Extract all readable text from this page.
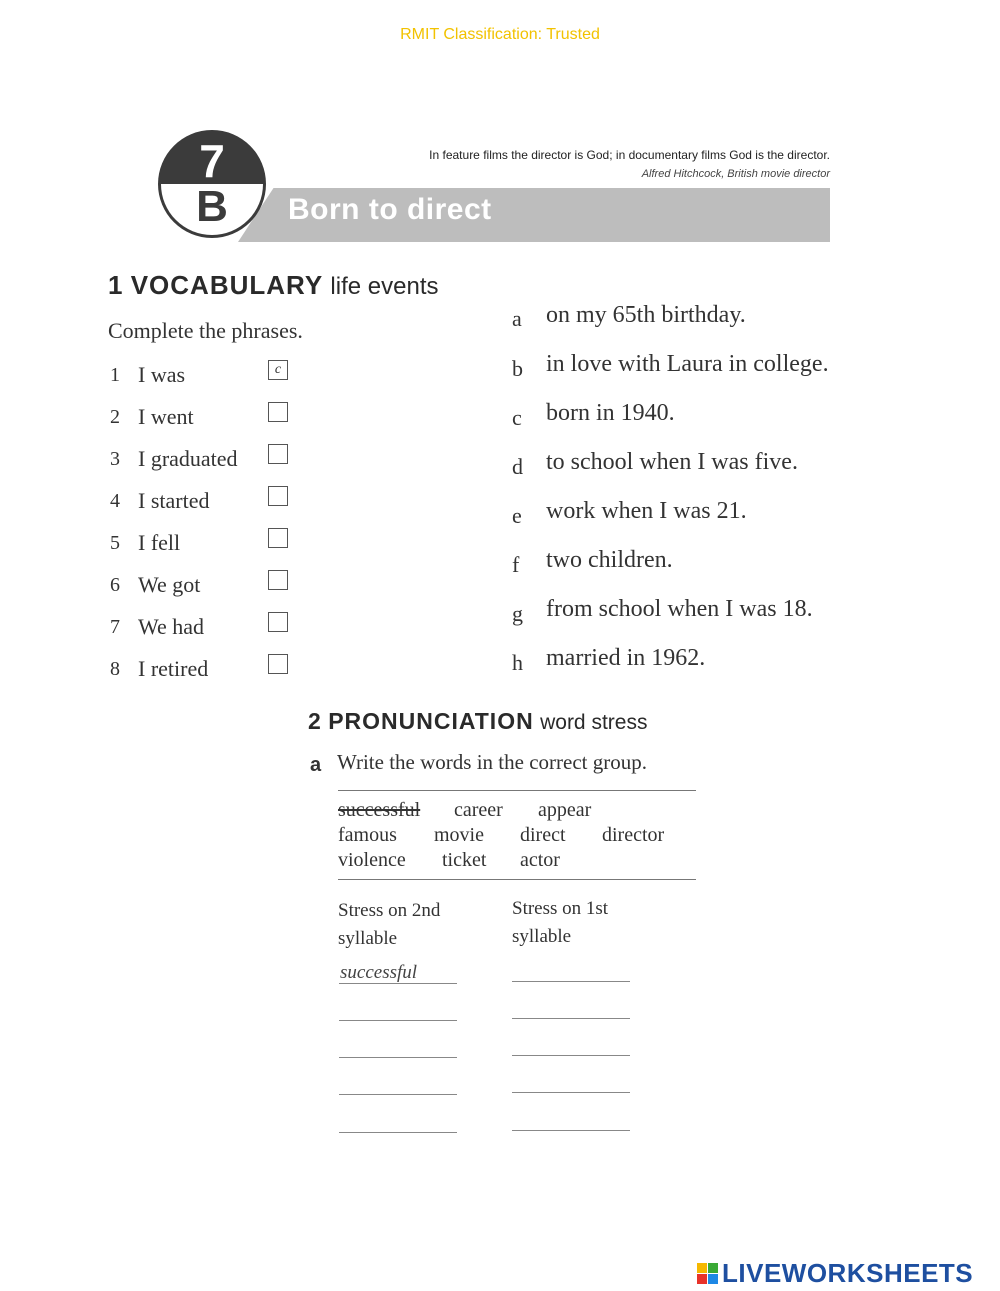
RMIT Classification: Trusted
In feature films the director is God; in documentary films God is the director.
Alfred Hitchcock, British movie director
Born to direct
7
B
1 VOCABULARY life events
Complete the phrases.
1 I was	c
2 I went
3 I graduated
4 I started
5 I fell
6 We got
7 We had
8 I retired
a on my 65th birthday.
b in love with Laura in college.
c born in 1940.
d to school when I was five.
e work when I was 21.
f two children.
g from school when I was 18.
h married in 1962.
2 PRONUNCIATION word stress
a Write the words in the correct group.
successful career appear
famous movie direct director
violence ticket actor
Stress on 2nd
syllable
Stress on 1st
syllable
successful
LIVEWORKSHEETS
